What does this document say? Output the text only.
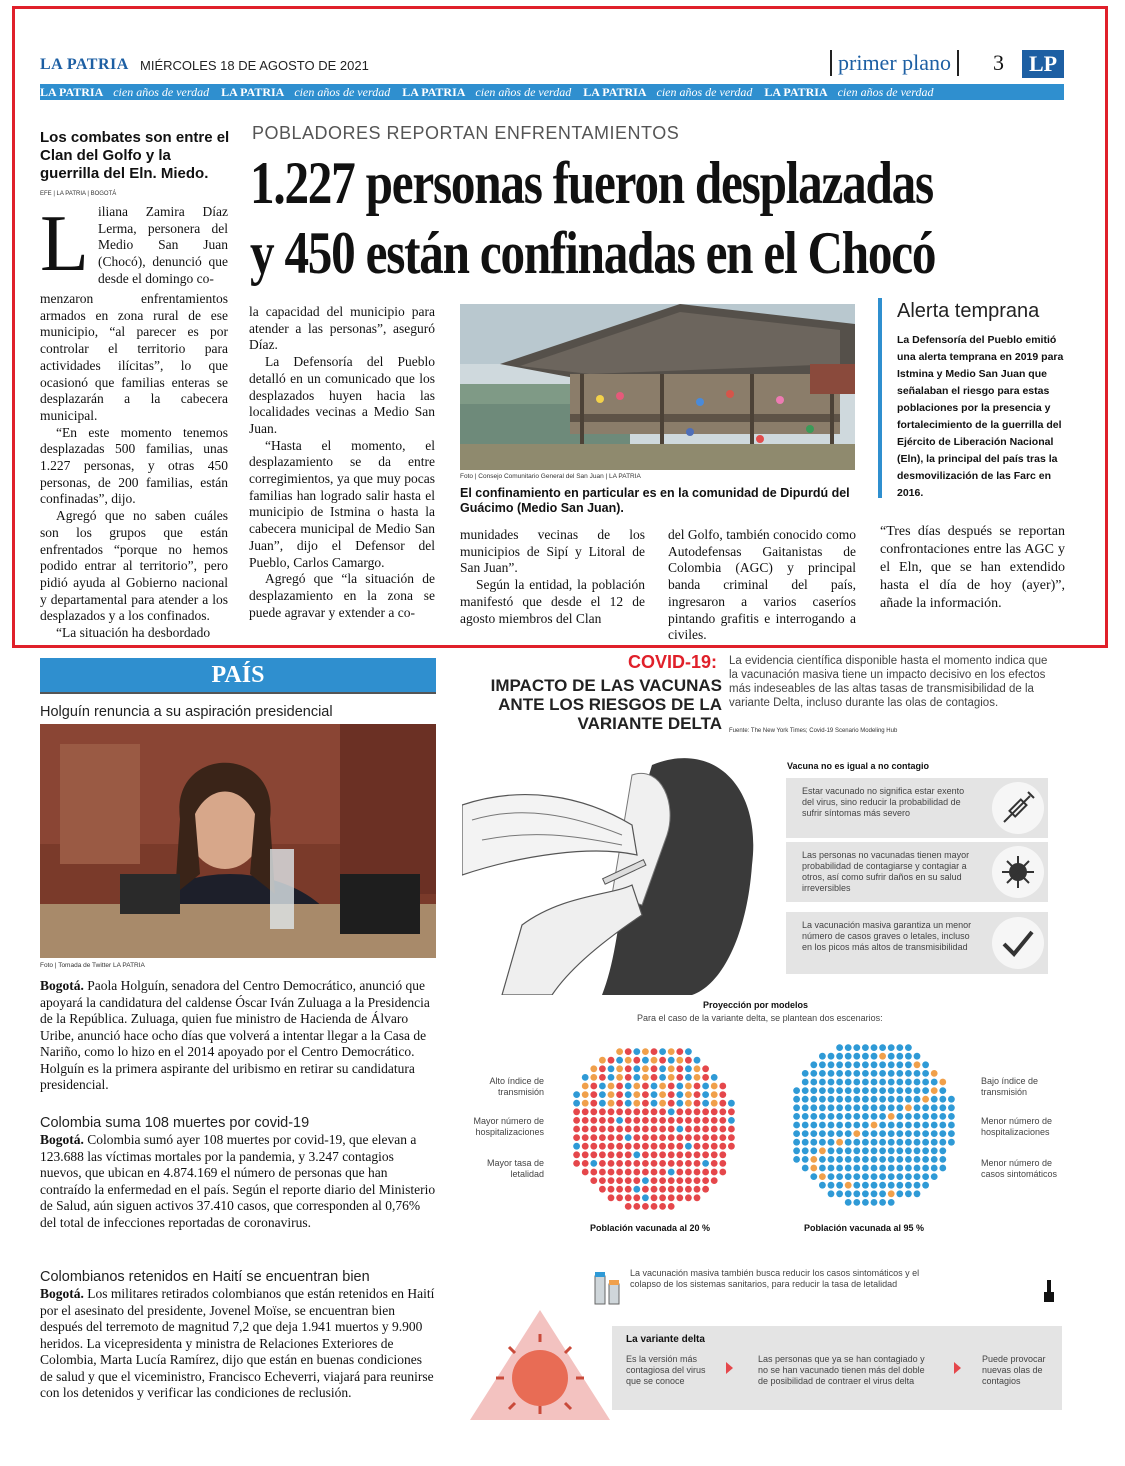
LA PATRIA MIÉRCOLES 18 DE AGOSTO DE 2021	primer plano	3	LP
LA PATRIA cien años de verdad LA PATRIA cien años de verdad LA PATRIA cien años de verdad LA PATRIA cien años de verdad LA PATRIA cien años de verdad
Los combates son entre el Clan del Golfo y la guerrilla del Eln. Miedo.
EFE | LA PATRIA | BOGOTÁ
POBLADORES REPORTAN ENFRENTAMIENTOS
1.227 personas fueron desplazadas
y 450 están confinadas en el Chocó
L iliana Zamira Díaz Lerma, personera del Medio San Juan (Chocó), denunció que desde el domingo co-

menzaron enfrentamientos armados en zona rural de ese municipio, “al parecer es por controlar el territorio para actividades ilícitas”, lo que ocasionó que familias enteras se desplazarán a la cabecera municipal.

“En este momento tenemos desplazadas 500 familias, unas 1.227 personas, y otras 450 personas, de 200 familias, están confinadas”, dijo.

Agregó que no saben cuáles son los grupos que están enfrentados “porque no hemos podido entrar al territorio”, pero pidió ayuda al Gobierno nacional y departamental para atender a los desplazados y a los confinados.

“La situación ha desbordado

la capacidad del municipio para atender a las personas”, aseguró Díaz.

La Defensoría del Pueblo detalló en un comunicado que los desplazados huyen hacia las localidades vecinas a Medio San Juan.

“Hasta el momento, el desplazamiento se da entre corregimientos, ya que muy pocas familias han logrado salir hasta el municipio de Istmina o hasta la cabecera municipal de Medio San Juan”, dijo el Defensor del Pueblo, Carlos Camargo.

Agregó que “la situación de desplazamiento en la zona se puede agravar y extender a co-

Foto | Consejo Comunitario General del San Juan | LA PATRIA
El confinamiento en particular es en la comunidad de Dipurdú del Guácimo (Medio San Juan).

munidades vecinas de los municipios de Sipí y Litoral de San Juan”.

Según la entidad, la población manifestó que desde el 12 de agosto miembros del Clan

del Golfo, también conocido como Autodefensas Gaitanistas de Colombia (AGC) y principal banda criminal del país, ingresaron a varios caseríos pintando grafitis e interrogando a civiles.

Alerta temprana
La Defensoría del Pueblo emitió una alerta temprana en 2019 para Istmina y Medio San Juan que señalaban el riesgo para estas poblaciones por la presencia y fortalecimiento de la guerrilla del Ejército de Liberación Nacional (Eln), la principal del país tras la desmovilización de las Farc en 2016.
“Tres días después se reportan confrontaciones entre las AGC y el Eln, que se han extendido hasta el día de hoy (ayer)”, añade la información.
PAÍS
Holguín renuncia a su aspiración presidencial
Foto | Tomada de Twitter LA PATRIA
Bogotá. Paola Holguín, senadora del Centro Democrático, anunció que apoyará la candidatura del caldense Óscar Iván Zuluaga a la Presidencia de la República. Zuluaga, quien fue ministro de Hacienda de Álvaro Uribe, anunció hace ocho días que volverá a intentar llegar a la Casa de Nariño, como lo hizo en el 2014 apoyado por el Centro Democrático. Holguín es la primera aspirante del uribismo en retirar su candidatura presidencial.
Colombia suma 108 muertes por covid-19
Bogotá. Colombia sumó ayer 108 muertes por covid-19, que elevan a 123.688 las víctimas mortales por la pandemia, y 3.247 contagios nuevos, que ubican en 4.874.169 el número de personas que han contraído la enfermedad en el país. Según el reporte diario del Ministerio de Salud, aún siguen activos 37.410 casos, que corresponden al 0,76% del total de infecciones reportadas de coronavirus.
Colombianos retenidos en Haití se encuentran bien
Bogotá. Los militares retirados colombianos que están retenidos en Haití por el asesinato del presidente, Jovenel Moïse, se encuentran bien después del terremoto de magnitud 7,2 que deja 1.941 muertos y 9.900 heridos. La vicepresidenta y ministra de Relaciones Exteriores de Colombia, Marta Lucía Ramírez, dijo que están en buenas condiciones de salud y que el viceministro, Francisco Echeverri, viajará para reunirse con los detenidos y verificar las condiciones de reclusión.
COVID-19:
IMPACTO DE LAS VACUNAS ANTE LOS RIESGOS DE LA VARIANTE DELTA
La evidencia científica disponible hasta el momento indica que la vacunación masiva tiene un impacto decisivo en los efectos más indeseables de las altas tasas de transmisibilidad de la variante Delta, incluso durante las olas de contagios.
Fuente: The New York Times; Covid-19 Scenario Modeling Hub
Vacuna no es igual a no contagio
Estar vacunado no significa estar exento del virus, sino reducir la probabilidad de sufrir síntomas más severo
Las personas no vacunadas tienen mayor probabilidad de contagiarse y contagiar a otros, así como sufrir daños en su salud irreversibles
La vacunación masiva garantiza un menor número de casos graves o letales, incluso en los picos más altos de transmisibilidad
Proyección por modelos
Para el caso de la variante delta, se plantean dos escenarios:
Alto índice de transmisión
Mayor número de hospitalizaciones
Mayor tasa de letalidad
Bajo índice de transmisión
Menor número de hospitalizaciones
Menor número de casos sintomáticos
Población vacunada al 20 %	Población vacunada al 95 %
La vacunación masiva también busca reducir los casos sintomáticos y el colapso de los sistemas sanitarios, para reducir la tasa de letalidad
La variante delta
Es la versión más contagiosa del virus que se conoce
Las personas que ya se han contagiado y no se han vacunado tienen más del doble de posibilidad de contraer el virus delta
Puede provocar nuevas olas de contagios
